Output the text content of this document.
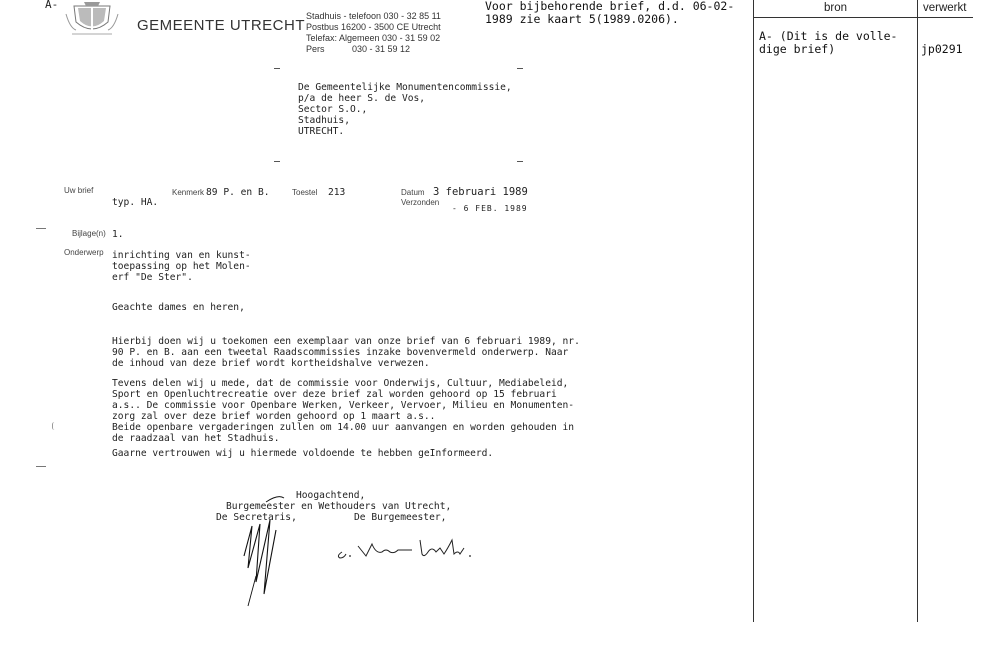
A-
GEMEENTE UTRECHT
Stadhuis - telefoon 030 - 32 85 11
Postbus 16200 - 3500 CE Utrecht
Telefax: Algemeen 030 - 31 59 02
Pers           030 - 31 59 12
Voor bijbehorende brief, d.d. 06-02-
1989 zie kaart 5(1989.0206).
De Gemeentelijke Monumentencommissie,
p/a de heer S. de Vos,
Sector S.O.,
Stadhuis,
UTRECHT.
Uw brief
typ. HA.
Kenmerk 89 P. en B.	Toestel 213	Datum 3 februari 1989
Verzonden
- 6 FEB. 1989
Bijlage(n) 1.
Onderwerp inrichting van en kunst-
toepassing op het Molen-
erf "De Ster".
Geachte dames en heren,
Hierbij doen wij u toekomen een exemplaar van onze brief van 6 februari 1989, nr.
90 P. en B. aan een tweetal Raadscommissies inzake bovenvermeld onderwerp. Naar
de inhoud van deze brief wordt kortheidshalve verwezen.
Tevens delen wij u mede, dat de commissie voor Onderwijs, Cultuur, Mediabeleid,
Sport en Openluchtrecreatie over deze brief zal worden gehoord op 15 februari
a.s.. De commissie voor Openbare Werken, Verkeer, Vervoer, Milieu en Monumenten-
zorg zal over deze brief worden gehoord op 1 maart a.s..
Beide openbare vergaderingen zullen om 14.00 uur aanvangen en worden gehouden in
de raadzaal van het Stadhuis.
Gaarne vertrouwen wij u hiermede voldoende te hebben geInformeerd.
Hoogachtend,
Burgemeester en Wethouders van Utrecht,
De Secretaris,	De Burgemeester,
bron	verwerkt
A- (Dit is de volle-
dige brief)	jp0291
